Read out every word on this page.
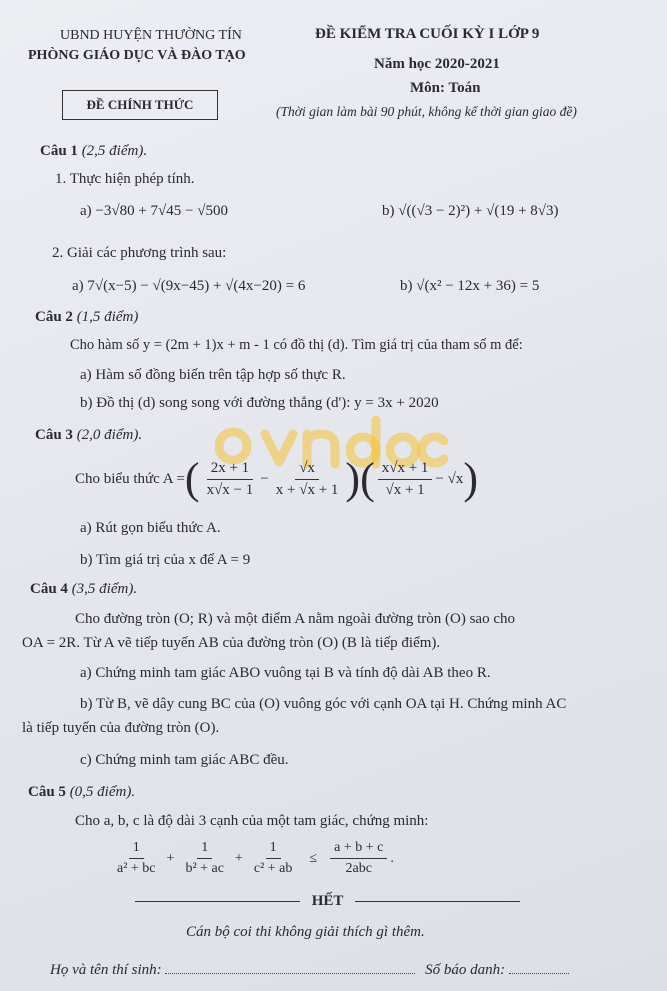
UBND HUYỆN THƯỜNG TÍN
PHÒNG GIÁO DỤC VÀ ĐÀO TẠO
ĐỀ CHÍNH THỨC
ĐỀ KIỂM TRA CUỐI KỲ I LỚP 9
Năm học 2020-2021
Môn: Toán
(Thời gian làm bài 90 phút, không kể thời gian giao đề)
Câu 1 (2,5 điểm).
1. Thực hiện phép tính.
a) −3√80 + 7√45 − √500	b) √((√3 − 2)²) + √(19 + 8√3)
2. Giải các phương trình sau:
a) 7√(x−5) − √(9x−45) + √(4x−20) = 6	b) √(x² − 12x + 36) = 5
Câu 2 (1,5 điểm)
Cho hàm số y = (2m + 1)x + m - 1 có đồ thị (d). Tìm giá trị của tham số m để:
a) Hàm số đồng biến trên tập hợp số thực R.
b) Đồ thị (d) song song với đường thẳng (d'): y = 3x + 2020
Câu 3 (2,0 điểm).
Cho biểu thức A = ( $\frac{2x + 1}{x√x - 1} - \frac{√x}{x + √x + 1}$ ) ( $\frac{x√x + 1}{√x + 1} - √x$ )
a) Rút gọn biểu thức A.
b) Tìm giá trị của x để A = 9
Câu 4 (3,5 điểm).
Cho đường tròn (O; R) và một điểm A nằm ngoài đường tròn (O) sao cho
OA = 2R. Từ A vẽ tiếp tuyến AB của đường tròn (O) (B là tiếp điểm).
a) Chứng minh tam giác ABO vuông tại B và tính độ dài AB theo R.
b) Từ B, vẽ dây cung BC của (O) vuông góc với cạnh OA tại H. Chứng minh AC
là tiếp tuyến của đường tròn (O).
c) Chứng minh tam giác ABC đều.
Câu 5 (0,5 điểm).
Cho a, b, c là độ dài 3 cạnh của một tam giác, chứng minh:
$\frac{1}{\text{a² + bc}} + \frac{1}{\text{b² + ac}} + \frac{1}{\text{c² + ab}} \le \frac{a + b + c}{\text{2abc}}$ .
HẾT
Cán bộ coi thi không giải thích gì thêm.
Họ và tên thí sinh:	Số báo danh:
